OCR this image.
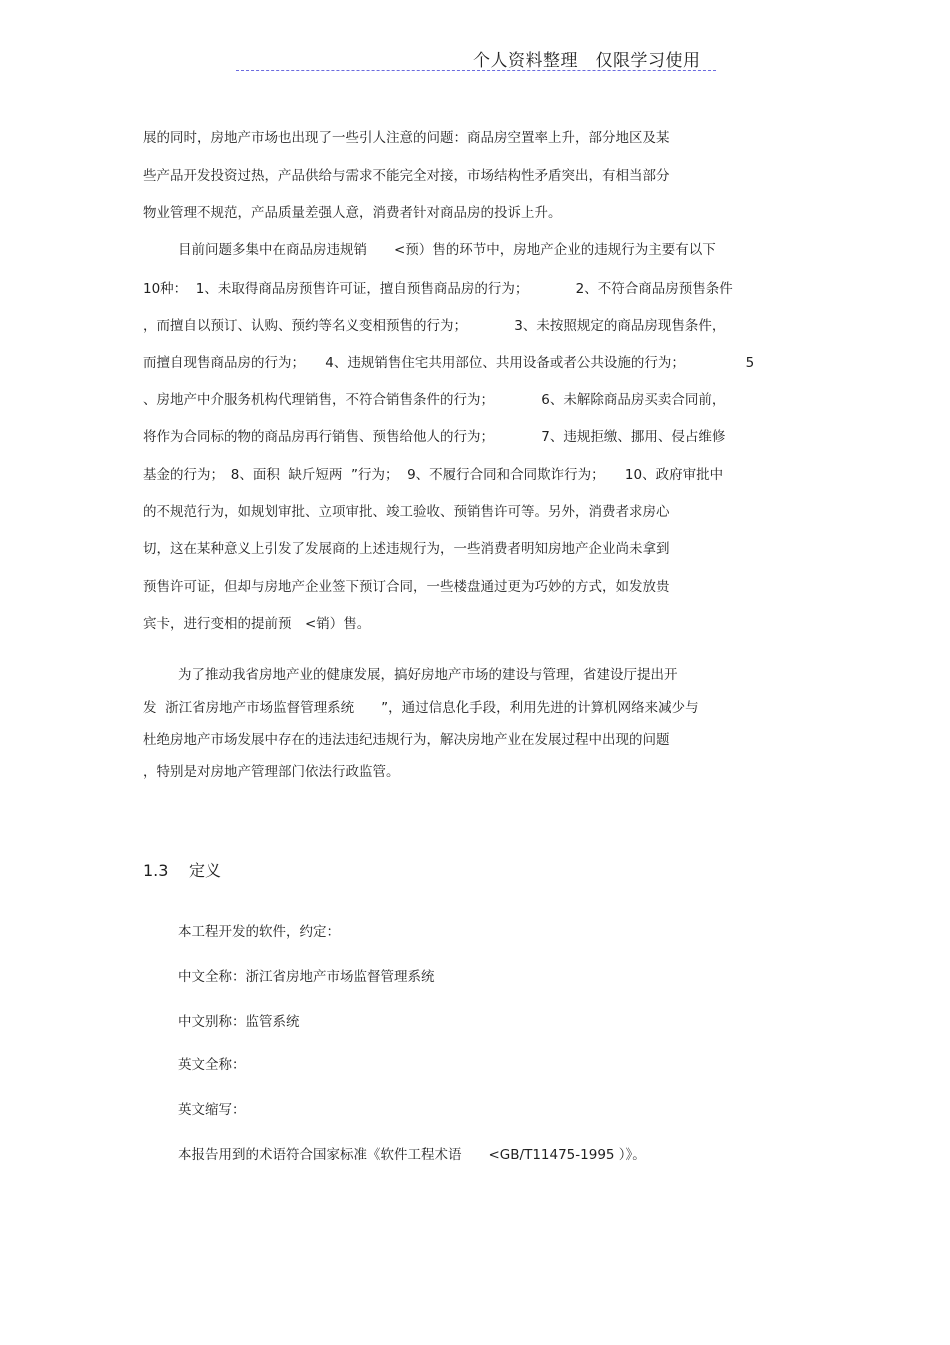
个人资料整理　仅限学习使用
展的同时，房地产市场也出现了一些引人注意的问题：商品房空置率上升，部分地区及某
些产品开发投资过热，产品供给与需求不能完全对接，市场结构性矛盾突出，有相当部分
物业管理不规范，产品质量差强人意，消费者针对商品房的投诉上升。
目前问题多集中在商品房违规销　　<预）售的环节中，房地产企业的违规行为主要有以下
10种：  1、未取得商品房预售许可证，擅自预售商品房的行为；　　　　2、不符合商品房预售条件
，而擅自以预订、认购、预约等名义变相预售的行为；　　　　3、未按照规定的商品房现售条件，
而擅自现售商品房的行为；　　4、违规销售住宅共用部位、共用设备或者公共设施的行为；　　　　　5
、房地产中介服务机构代理销售，不符合销售条件的行为；　　　　6、未解除商品房买卖合同前，
将作为合同标的物的商品房再行销售、预售给他人的行为；　　　　7、违规拒缴、挪用、侵占维修
基金的行为；　8、面积  缺斤短两  ”行为；  9、不履行合同和合同欺诈行为；　　10、政府审批中
的不规范行为，如规划审批、立项审批、竣工验收、预销售许可等。另外，消费者求房心
切，这在某种意义上引发了发展商的上述违规行为，一些消费者明知房地产企业尚未拿到
预售许可证，但却与房地产企业签下预订合同，一些楼盘通过更为巧妙的方式，如发放贵
宾卡，进行变相的提前预　<销）售。
为了推动我省房地产业的健康发展，搞好房地产市场的建设与管理，省建设厅提出开
发  浙江省房地产市场监督管理系统　　”，通过信息化手段，利用先进的计算机网络来减少与
杜绝房地产市场发展中存在的违法违纪违规行为，解决房地产业在发展过程中出现的问题
，特别是对房地产管理部门依法行政监管。
1.3 定义
本工程开发的软件，约定：
中文全称：浙江省房地产市场监督管理系统
中文别称：监管系统
英文全称：
英文缩写：
本报告用到的术语符合国家标准《软件工程术语　　<GB/T11475-1995 ）》。
